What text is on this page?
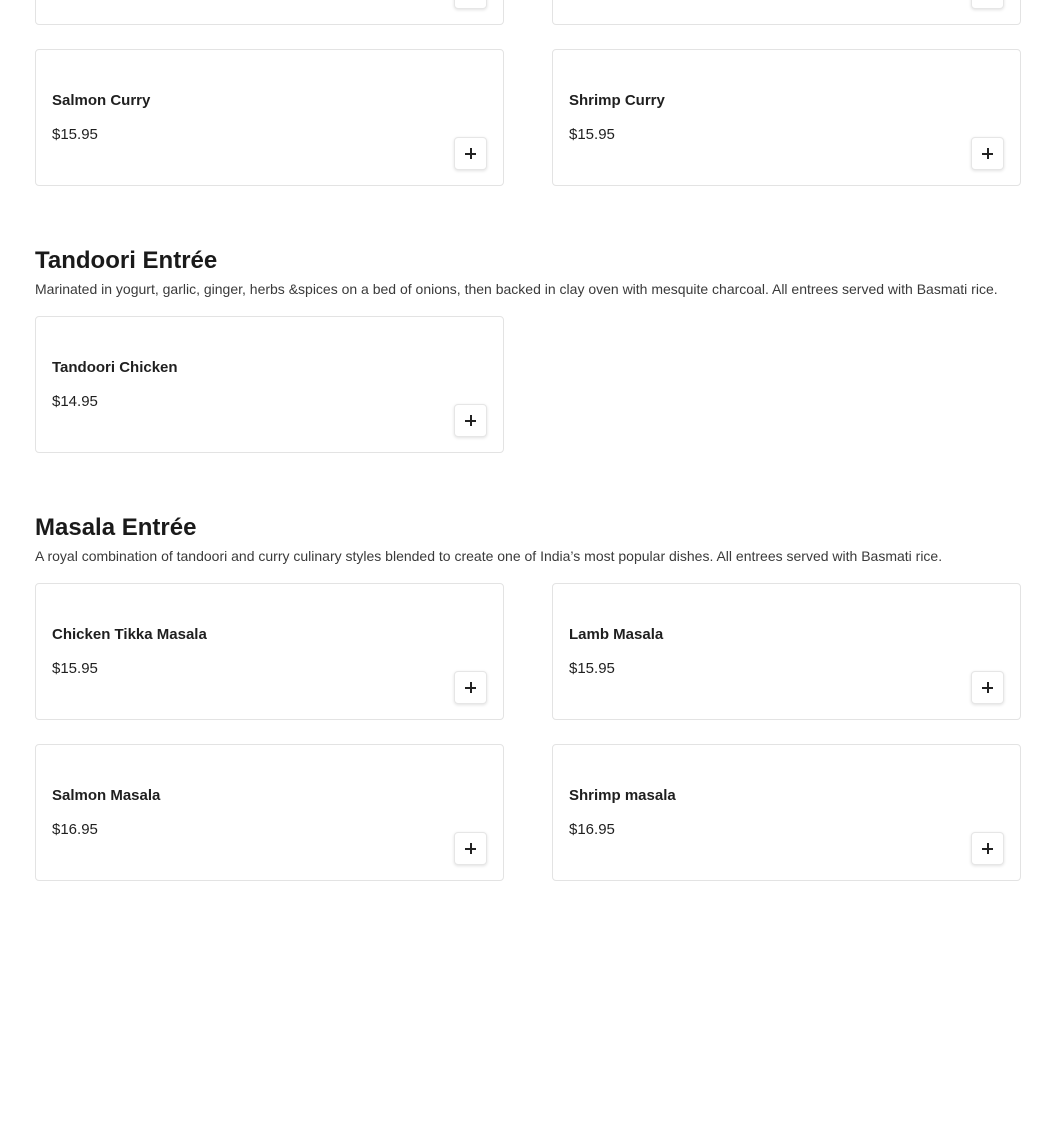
Salmon Curry
$15.95
Shrimp Curry
$15.95
Tandoori Entrée
Marinated in yogurt, garlic, ginger, herbs &spices on a bed of onions, then backed in clay oven with mesquite charcoal. All entrees served with Basmati rice.
Tandoori Chicken
$14.95
Masala Entrée
A royal combination of tandoori and curry culinary styles blended to create one of India’s most popular dishes. All entrees served with Basmati rice.
Chicken Tikka Masala
$15.95
Lamb Masala
$15.95
Salmon Masala
$16.95
Shrimp masala
$16.95
